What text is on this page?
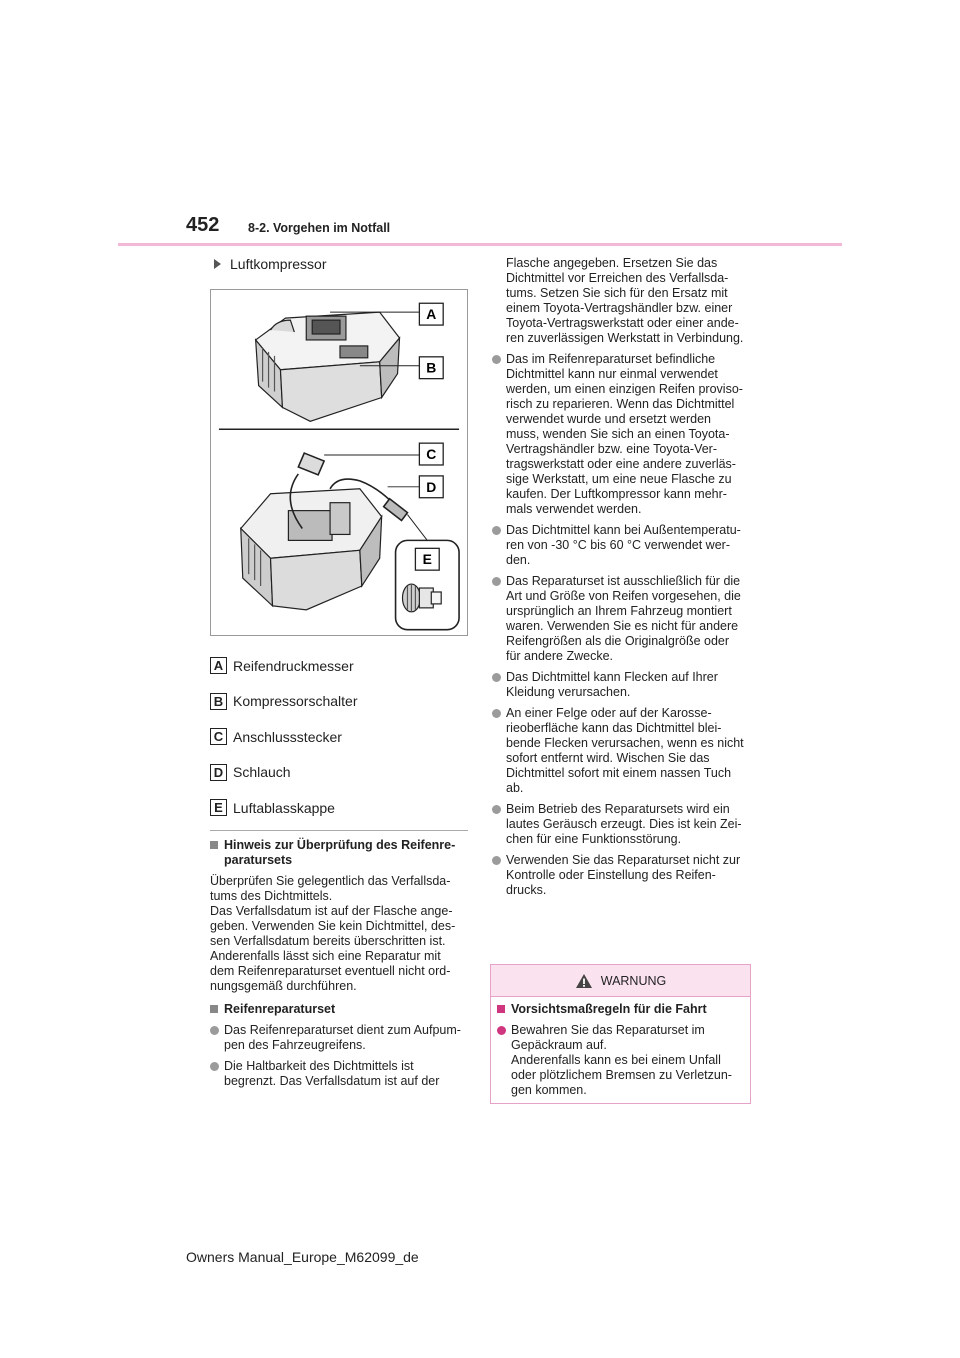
452 8-2. Vorgehen im Notfall
Luftkompressor
A
B
C
D
E
A Reifendruckmesser
B Kompressorschalter
C Anschlussstecker
D Schlauch
E Luftablasskappe
Hinweis zur Überprüfung des Reifenre-paratursets
Überprüfen Sie gelegentlich das Verfallsda-
tums des Dichtmittels.
Das Verfallsdatum ist auf der Flasche ange-
geben. Verwenden Sie kein Dichtmittel, des-
sen Verfallsdatum bereits überschritten ist.
Anderenfalls lässt sich eine Reparatur mit
dem Reifenreparaturset eventuell nicht ord-
nungsgemäß durchführen.
Reifenreparaturset
Das Reifenreparaturset dient zum Aufpum-
pen des Fahrzeugreifens.
Die Haltbarkeit des Dichtmittels ist
begrenzt. Das Verfallsdatum ist auf der
Flasche angegeben. Ersetzen Sie das
Dichtmittel vor Erreichen des Verfallsda-
tums. Setzen Sie sich für den Ersatz mit
einem Toyota-Vertragshändler bzw. einer
Toyota-Vertragswerkstatt oder einer ande-
ren zuverlässigen Werkstatt in Verbindung.
Das im Reifenreparaturset befindliche
Dichtmittel kann nur einmal verwendet
werden, um einen einzigen Reifen proviso-
risch zu reparieren. Wenn das Dichtmittel
verwendet wurde und ersetzt werden
muss, wenden Sie sich an einen Toyota-
Vertragshändler bzw. eine Toyota-Ver-
tragswerkstatt oder eine andere zuverläs-
sige Werkstatt, um eine neue Flasche zu
kaufen. Der Luftkompressor kann mehr-
mals verwendet werden.
Das Dichtmittel kann bei Außentemperatu-
ren von -30 °C bis 60 °C verwendet wer-
den.
Das Reparaturset ist ausschließlich für die
Art und Größe von Reifen vorgesehen, die
ursprünglich an Ihrem Fahrzeug montiert
waren. Verwenden Sie es nicht für andere
Reifengrößen als die Originalgröße oder
für andere Zwecke.
Das Dichtmittel kann Flecken auf Ihrer
Kleidung verursachen.
An einer Felge oder auf der Karosse-
rieoberfläche kann das Dichtmittel blei-
bende Flecken verursachen, wenn es nicht
sofort entfernt wird. Wischen Sie das
Dichtmittel sofort mit einem nassen Tuch
ab.
Beim Betrieb des Reparatursets wird ein
lautes Geräusch erzeugt. Dies ist kein Zei-
chen für eine Funktionsstörung.
Verwenden Sie das Reparaturset nicht zur
Kontrolle oder Einstellung des Reifen-
drucks.
WARNUNG
Vorsichtsmaßregeln für die Fahrt
Bewahren Sie das Reparaturset im
Gepäckraum auf.
Anderenfalls kann es bei einem Unfall
oder plötzlichem Bremsen zu Verletzun-
gen kommen.
Owners Manual_Europe_M62099_de
